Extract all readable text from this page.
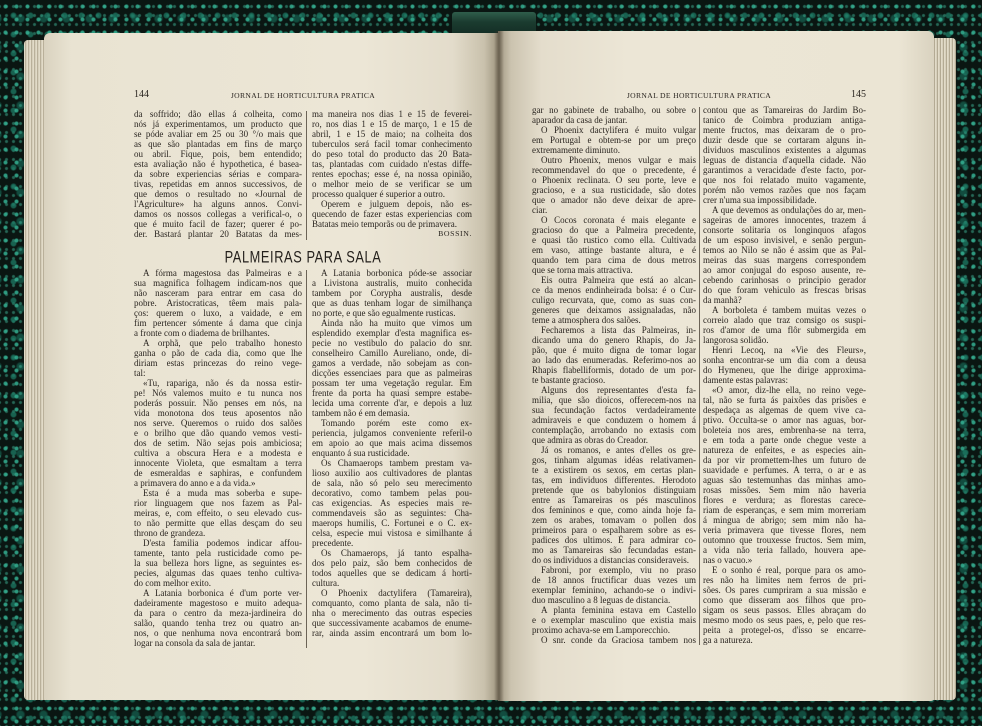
144	JORNAL DE HORTICULTURA PRATICA
da soffrido; dão ellas á colheita, como
nós já experimentamos, um producto que
se póde avaliar em 25 ou 30 °/o mais que
as que são plantadas em fins de março
ou abril. Fique, pois, bem entendido;
esta avaliação não é hypothetica, é basea-
da sobre experiencias sérias e compara-
tivas, repetidas em annos successivos, de
que demos o resultado no «Journal de
l'Agriculture» ha alguns annos. Convi-
damos os nossos collegas a verifical-o, o
que é muito facil de fazer; querer é po-
der. Bastará plantar 20 Batatas da mes-
ma maneira nos dias 1 e 15 de feverei-
ro, nos dias 1 e 15 de março, 1 e 15 de
abril, 1 e 15 de maio; na colheita dos
tuberculos será facil tomar conhecimento
do peso total do producto das 20 Bata-
tas, plantadas com cuidado n'estas diffe-
rentes epochas; esse é, na nossa opinião,
o melhor meio de se verificar se um
processo qualquer é superior a outro.
Operem e julguem depois, não es-
quecendo de fazer estas experiencias com
Batatas meio temporãs ou de primavera.
BOSSIN.
PALMEIRAS PARA SALA
A fórma magestosa das Palmeiras e a
sua magnifica folhagem indicam-nos que
não nasceram para entrar em casa do
pobre. Aristocraticas, têem mais pala-
ços: querem o luxo, a vaidade, e em
fim pertencer sómente á dama que cinja
a fronte com o diadema de brilhantes.
A orphã, que pelo trabalho honesto
ganha o pão de cada dia, como que lhe
diriam estas princezas do reino vege-
tal:
«Tu, rapariga, não és da nossa estir-
pe! Nós valemos muito e tu nunca nos
poderás possuir. Não penses em nós, na
vida monotona dos teus aposentos não
nos serve. Queremos o ruido dos salões
e o brilho que dão quando vemos vesti-
dos de setim. Não sejas pois ambiciosa;
cultiva a obscura Hera e a modesta e
innocente Violeta, que esmaltam a terra
de esmeraldas e saphiras, e confundem
a primavera do anno e a da vida.»
Esta é a muda mas soberba e supe-
rior linguagem que nos fazem as Pal-
meiras, e, com effeito, o seu elevado cus-
to não permitte que ellas desçam do seu
throno de grandeza.
D'esta familia podemos indicar affou-
tamente, tanto pela rusticidade como pe-
la sua belleza hors ligne, as seguintes es-
pecies, algumas das quaes tenho cultiva-
do com melhor exito.
A Latania borbonica é d'um porte ver-
dadeiramente magestoso e muito adequa-
da para o centro da meza-jardineira do
salão, quando tenha trez ou quatro an-
nos, o que nenhuma nova encontrará bom
logar na consola da sala de jantar.
A Latania borbonica póde-se associar
a Livistona australis, muito conhecida
tambem por Corypha australis, desde
que as duas tenham logar de similhança
no porte, e que são egualmente rusticas.
Ainda não ha muito que vimos um
esplendido exemplar d'esta magnifica es-
pecie no vestibulo do palacio do snr.
conselheiro Camillo Aureliano, onde, di-
gamos a verdade, não sobejam as con-
dicções essenciaes para que as palmeiras
possam ter uma vegetação regular. Em
frente da porta ha quasi sempre estabe-
lecida uma corrente d'ar, e depois a luz
tambem não é em demasia.
Tomando porém este como ex-
periencia, julgamos conveniente referil-o
em apoio ao que mais acima dissemos
enquanto á sua rusticidade.
Os Chamaerops tambem prestam va-
lioso auxilio aos cultivadores de plantas
de sala, não só pelo seu merecimento
decorativo, como tambem pelas pou-
cas exigencias. As especies mais re-
commendaveis são as seguintes: Cha-
maerops humilis, C. Fortunei e o C. ex-
celsa, especie mui vistosa e similhante á
precedente.
Os Chamaerops, já tanto espalha-
dos pelo paiz, são bem conhecidos de
todos aquelles que se dedicam á horti-
cultura.
O Phoenix dactylifera (Tamareira),
comquanto, como planta de sala, não ti-
nha o merecimento das outras especies
que successivamente acabamos de enume-
rar, ainda assim encontrará um bom lo-
JORNAL DE HORTICULTURA PRATICA	145
gar no gabinete de trabalho, ou sobre o
aparador da casa de jantar.
O Phoenix dactylifera é muito vulgar
em Portugal e obtem-se por um preço
extremamente diminuto.
Outro Phoenix, menos vulgar e mais
recommendavel do que o precedente, é
o Phoenix reclinata. O seu porte, leve e
gracioso, e a sua rusticidade, são dotes
que o amador não deve deixar de apre-
ciar.
O Cocos coronata é mais elegante e
gracioso do que a Palmeira precedente,
e quasi tão rustico como ella. Cultivada
em vaso, attinge bastante altura, e é
quando tem para cima de dous metros
que se torna mais attractiva.
Eis outra Palmeira que está ao alcan-
ce da menos endinheirada bolsa: é o Cur-
culigo recurvata, que, como as suas con-
generes que deixamos assignaladas, não
teme a atmosphera dos salões.
Fecharemos a lista das Palmeiras, in-
dicando uma do genero Rhapis, do Ja-
pão, que é muito digna de tomar logar
ao lado das enumeradas. Referimo-nos ao
Rhapis flabelliformis, dotado de um por-
te bastante gracioso.
Alguns dos representantes d'esta fa-
milia, que são dioicos, offerecem-nos na
sua fecundação factos verdadeiramente
admiraveis e que conduzem o homem á
contemplação, arrobando no extasis com
que admira as obras do Creador.
Já os romanos, e antes d'elles os gre-
gos, tinham algumas idéas relativamen-
te a existirem os sexos, em certas plan-
tas, em individuos differentes. Herodoto
pretende que os babylonios distinguiam
entre as Tamareiras os pés masculinos
dos femininos e que, como ainda hoje fa-
zem os arabes, tomavam o pollen dos
primeiros para o espalharem sobre as es-
padices dos ultimos. É para admirar co-
mo as Tamareiras são fecundadas estan-
do os individuos a distancias consideraveis.
Fabroni, por exemplo, viu no praso
de 18 annos fructificar duas vezes um
exemplar feminino, achando-se o indivi-
duo masculino a 8 leguas de distancia.
A planta feminina estava em Castello
e o exemplar masculino que existia mais
proximo achava-se em Lamporecchio.
O snr. conde da Graciosa tambem nos
contou que as Tamareiras do Jardim Bo-
tanico de Coimbra produziam antiga-
mente fructos, mas deixaram de o pro-
duzir desde que se cortaram alguns in-
dividuos masculinos existentes a algumas
leguas de distancia d'aquella cidade. Não
garantimos a veracidade d'este facto, por-
que nos foi relatado muito vagamente,
porém não vemos razões que nos façam
crer n'uma sua impossibilidade.
A que devemos as ondulações do ar, men-
sageiras de amores innocentes, trazem á
consorte solitaria os longinquos afagos
de um esposo invisivel, e senão pergun-
temos ao Nilo se não é assim que as Pal-
meiras das suas margens correspondem
ao amor conjugal do esposo ausente, re-
cebendo carinhosas o principio gerador
do que foram vehiculo as frescas brisas
da manhã?
A borboleta é tambem muitas vezes o
correio alado que traz comsigo os suspi-
ros d'amor de uma flôr submergida em
langorosa solidão.
Henri Lecoq, na «Vie des Fleurs»,
sonha encontrar-se um dia com a deusa
do Hymeneu, que lhe dirige approxima-
damente estas palavras:
«O amor, diz-lhe ella, no reino vege-
tal, não se furta ás paixões das prisões e
despedaça as algemas de quem vive ca-
ptivo. Occulta-se o amor nas aguas, bor-
boleteia nos ares, embrenha-se na terra,
e em toda a parte onde chegue veste a
natureza de enfeites, e as especies ain-
da por vir promettem-lhes um futuro de
suavidade e perfumes. A terra, o ar e as
aguas são testemunhas das minhas amo-
rosas missões. Sem mim não haveria
flores e verdura; as florestas carece-
riam de esperanças, e sem mim morreriam
á mingua de abrigo; sem mim não ha-
veria primavera que tivesse flores, nem
outomno que trouxesse fructos. Sem mim,
a vida não teria fallado, houvera ape-
nas o vacuo.»
E o sonho é real, porque para os amo-
res não ha limites nem ferros de pri-
sões. Os pares cumpriram a sua missão e
como que disseram aos filhos que pro-
sigam os seus passos. Elles abraçam do
mesmo modo os seus paes, e, pelo que res-
peita a protegel-os, d'isso se encarre-
ga a natureza.
